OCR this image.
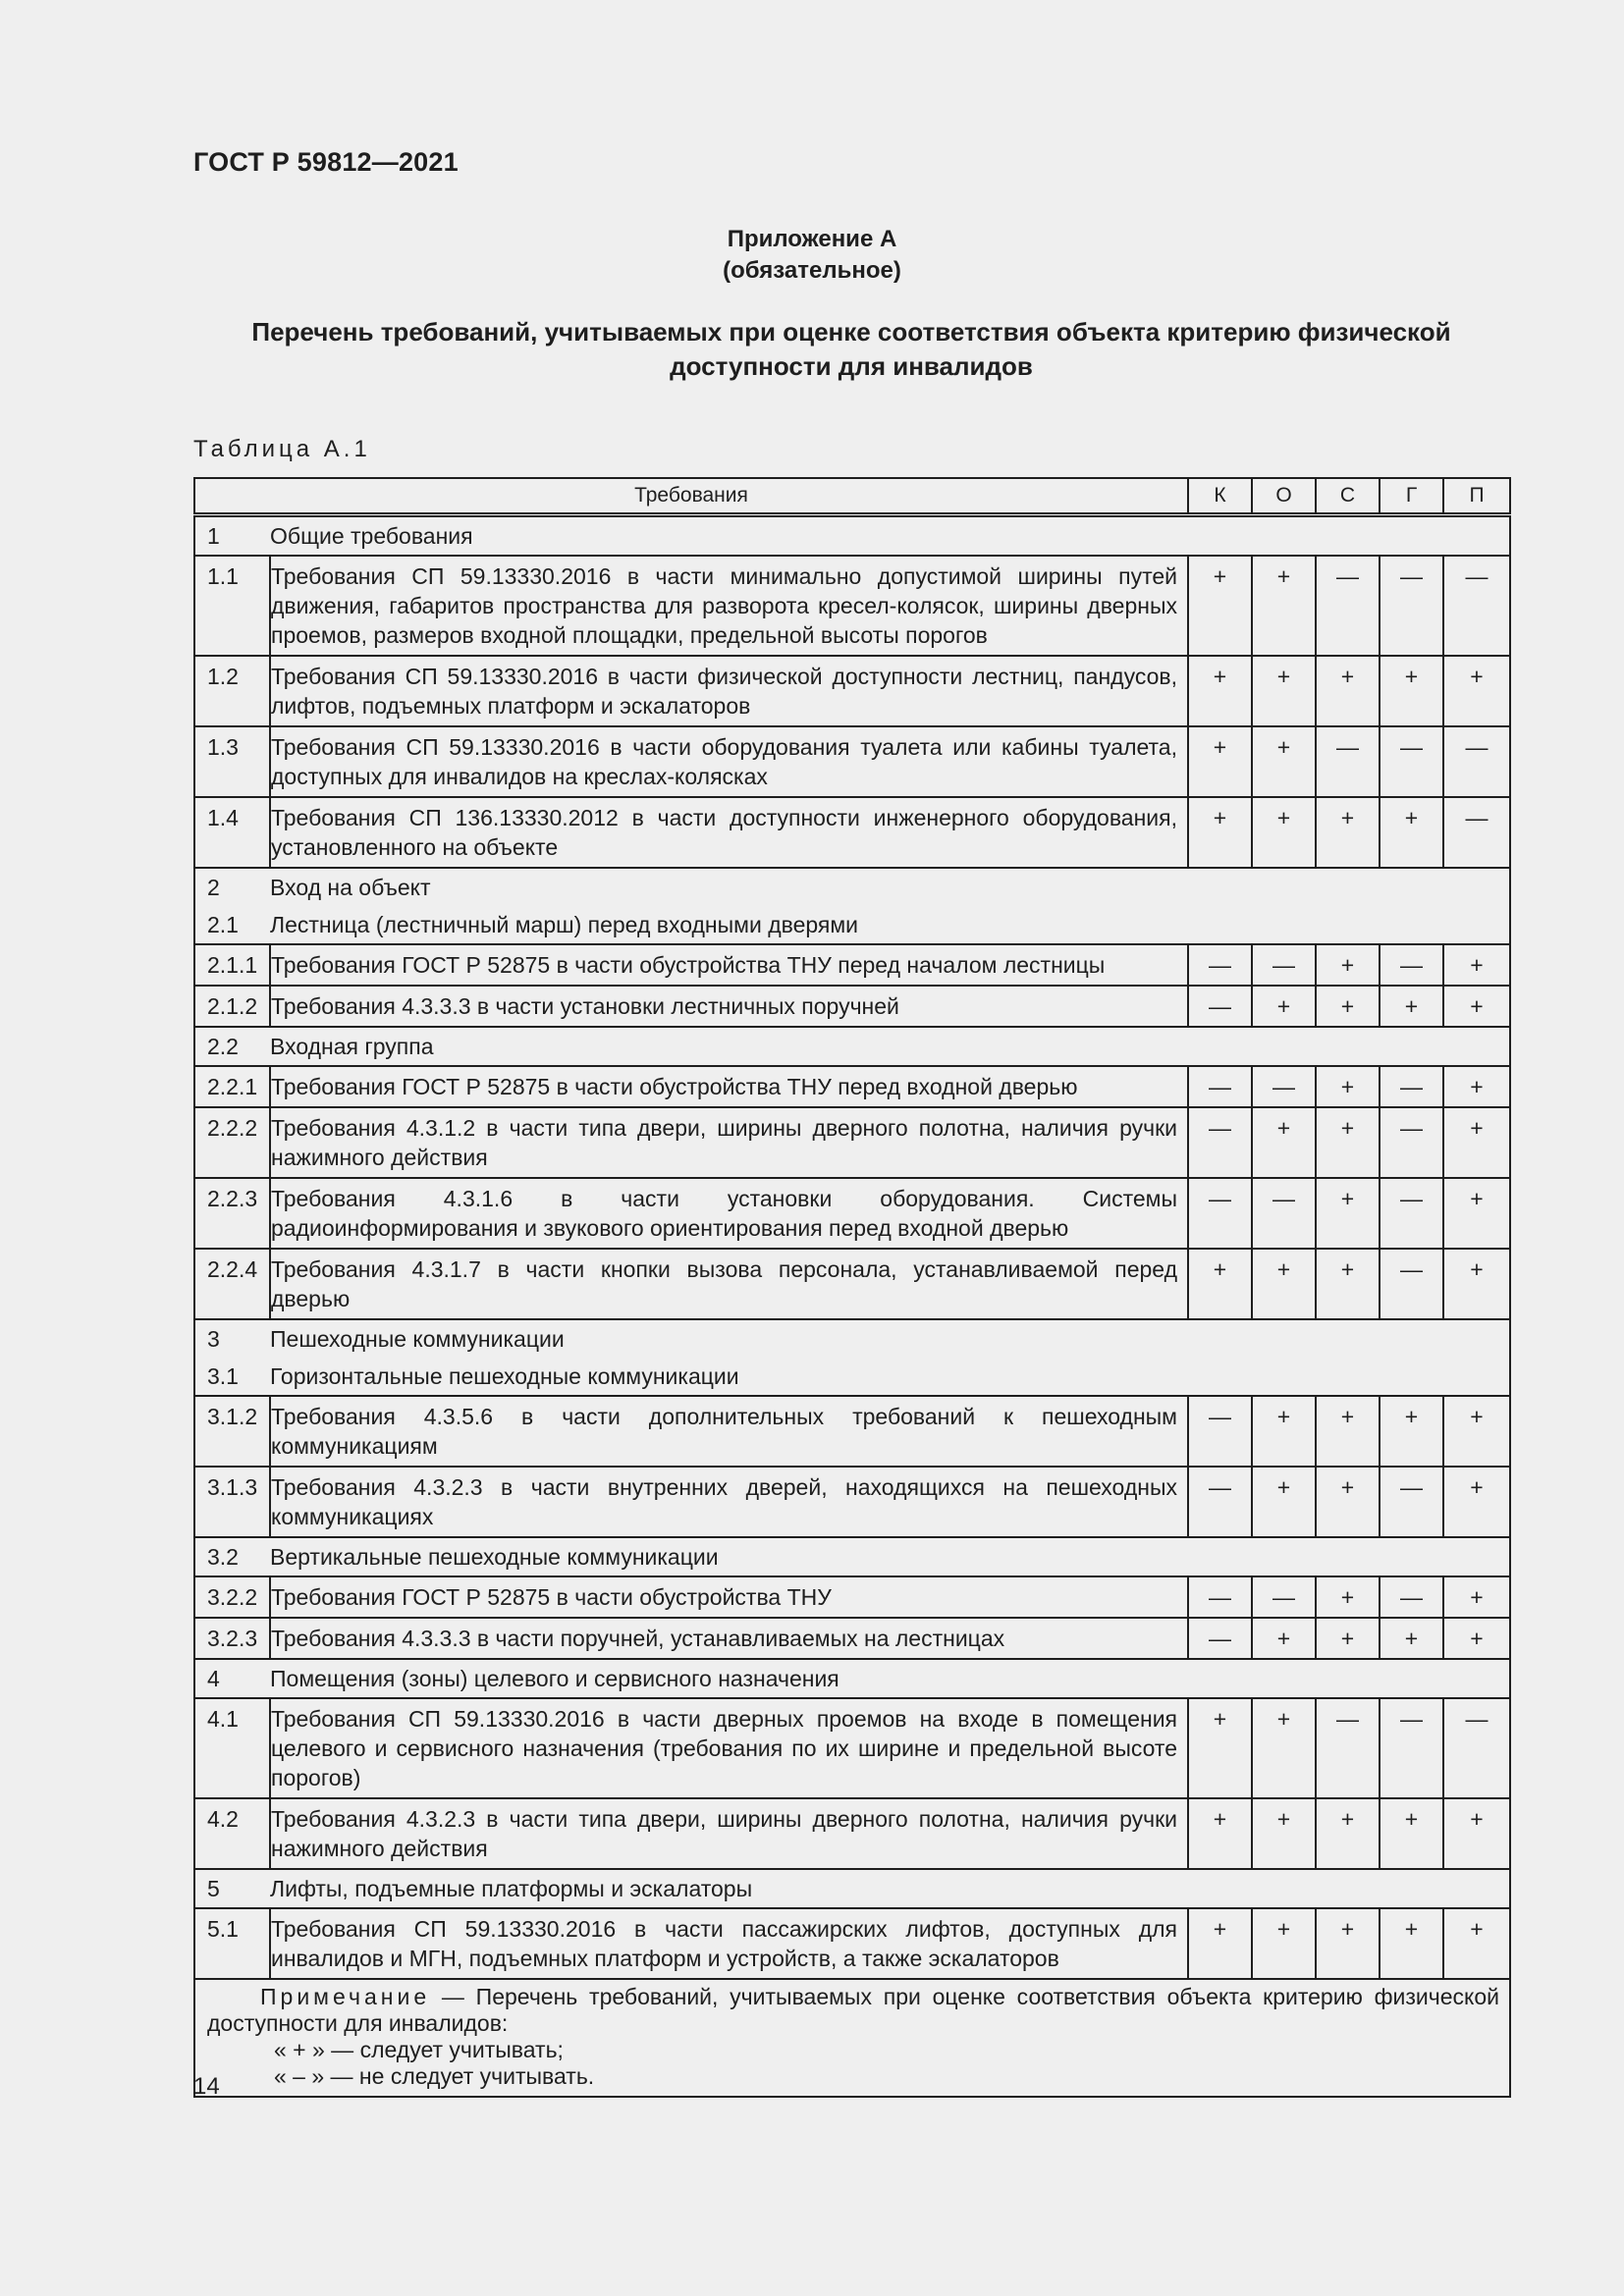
ГОСТ Р 59812—2021
Приложение А
(обязательное)
Перечень требований, учитываемых при оценке соответствия объекта критерию физической
доступности для инвалидов
Таблица А.1
Требования		К	О	С	Г	П
1	Общие требования					
1.1	Требования СП 59.13330.2016 в части минимально допустимой ширины путей движения, габаритов пространства для разворота кресел-колясок, ширины дверных проемов, размеров входной площадки, предельной высоты порогов	+	+	—	—	—
1.2	Требования СП 59.13330.2016 в части физической доступности лестниц, пандусов, лифтов, подъемных платформ и эскалаторов	+	+	+	+	+
1.3	Требования СП 59.13330.2016 в части оборудования туалета или кабины туалета, доступных для инвалидов на креслах-колясках	+	+	—	—	—
1.4	Требования СП 136.13330.2012 в части доступности инженерного оборудования, установленного на объекте	+	+	+	+	—
2	Вход на объект					
2.1	Лестница (лестничный марш) перед входными дверями					
2.1.1	Требования ГОСТ Р 52875 в части обустройства ТНУ перед началом лестницы	—	—	+	—	+
2.1.2	Требования 4.3.3.3 в части установки лестничных поручней	—	+	+	+	+
2.2	Входная группа					
2.2.1	Требования ГОСТ Р 52875 в части обустройства ТНУ перед входной дверью	—	—	+	—	+
2.2.2	Требования 4.3.1.2 в части типа двери, ширины дверного полотна, наличия ручки нажимного действия	—	+	+	—	+
2.2.3	Требования 4.3.1.6 в части установки оборудования. Системы радиоинформирования и звукового ориентирования перед входной дверью	—	—	+	—	+
2.2.4	Требования 4.3.1.7 в части кнопки вызова персонала, устанавливаемой перед дверью	+	+	+	—	+
3	Пешеходные коммуникации					
3.1	Горизонтальные пешеходные коммуникации					
3.1.2	Требования 4.3.5.6 в части дополнительных требований к пешеходным коммуникациям	—	+	+	+	+
3.1.3	Требования 4.3.2.3 в части внутренних дверей, находящихся на пешеходных коммуникациях	—	+	+	—	+
3.2	Вертикальные пешеходные коммуникации					
3.2.2	Требования ГОСТ Р 52875 в части обустройства ТНУ	—	—	+	—	+
3.2.3	Требования 4.3.3.3 в части поручней, устанавливаемых на лестницах	—	+	+	+	+
4	Помещения (зоны) целевого и сервисного назначения					
4.1	Требования СП 59.13330.2016 в части дверных проемов на входе в помещения целевого и сервисного назначения (требования по их ширине и предельной высоте порогов)	+	+	—	—	—
4.2	Требования 4.3.2.3 в части типа двери, ширины дверного полотна, наличия ручки нажимного действия	+	+	+	+	+
5	Лифты, подъемные платформы и эскалаторы					
5.1	Требования СП 59.13330.2016 в части пассажирских лифтов, доступных для инвалидов и МГН, подъемных платформ и устройств, а также эскалаторов	+	+	+	+	+

Примечание — Перечень требований, учитываемых при оценке соответствия объекта критерию физической доступности для инвалидов:
« + » — следует учитывать;
« – » — не следует учитывать.						
14
